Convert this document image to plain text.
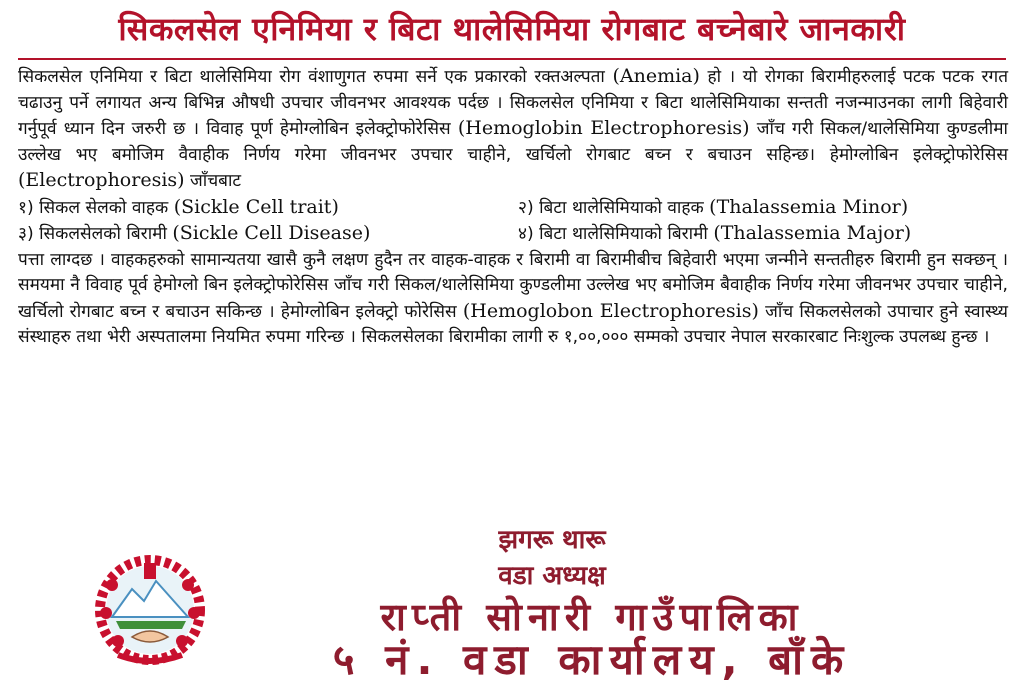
सिकलसेल एनिमिया र बिटा थालेसिमिया रोगबाट बच्नेबारे जानकारी

सिकलसेल एनिमिया र बिटा थालेसिमिया रोग वंशाणुगत रुपमा सर्ने एक प्रकारको रक्तअल्पता (Anemia) हो । यो रोगका बिरामीहरुलाई पटक पटक रगत चढाउनु पर्ने लगायत अन्य बिभिन्न औषधी उपचार जीवनभर आवश्यक पर्दछ । सिकलसेल एनिमिया र बिटा थालेसिमियाका सन्तती नजन्माउनका लागी बिहेवारी गर्नुपूर्व ध्यान दिन जरुरी छ । विवाह पूर्ण हेमोग्लोबिन इलेक्ट्रोफोरेसिस (Hemoglobin Electrophoresis) जाँच गरी सिकल/थालेसिमिया कुण्डलीमा उल्लेख भए बमोजिम वैवाहीक निर्णय गरेमा जीवनभर उपचार चाहीने, खर्चिलो रोगबाट बच्न र बचाउन सहिन्छ। हेमोग्लोबिन इलेक्ट्रोफोरेसिस (Electrophoresis) जाँचबाट

१) सिकल सेलको वाहक (Sickle Cell trait)	२) बिटा थालेसिमियाको वाहक (Thalassemia Minor)
३) सिकलसेलको बिरामी (Sickle Cell Disease)	४) बिटा थालेसिमियाको बिरामी (Thalassemia Major)

पत्ता लाग्दछ । वाहकहरुको सामान्यतया खासै कुनै लक्षण हुदैन तर वाहक-वाहक र बिरामी वा बिरामीबीच बिहेवारी भएमा जन्मीने सन्ततीहरु बिरामी हुन सक्छन् । समयमा नै विवाह पूर्व हेमोग्लो बिन इलेक्ट्रोफोरेसिस जाँच गरी सिकल/थालेसिमिया कुण्डलीमा उल्लेख भए बमोजिम बैवाहीक निर्णय गरेमा जीवनभर उपचार चाहीने, खर्चिलो रोगबाट बच्न र बचाउन सकिन्छ । हेमोग्लोबिन इलेक्ट्रो फोरेसिस (Hemoglobon Electrophoresis) जाँच सिकलसेलको उपाचार हुने स्वास्थ्य संस्थाहरु तथा भेरी अस्पतालमा नियमित रुपमा गरिन्छ । सिकलसेलका बिरामीका लागी रु १,००,००० सम्मको उपचार नेपाल सरकारबाट निःशुल्क उपलब्ध हुन्छ ।

झगरू थारू
वडा अध्यक्ष
राप्ती सोनारी गाउँपालिका
५ नं. वडा कार्यालय, बाँके
